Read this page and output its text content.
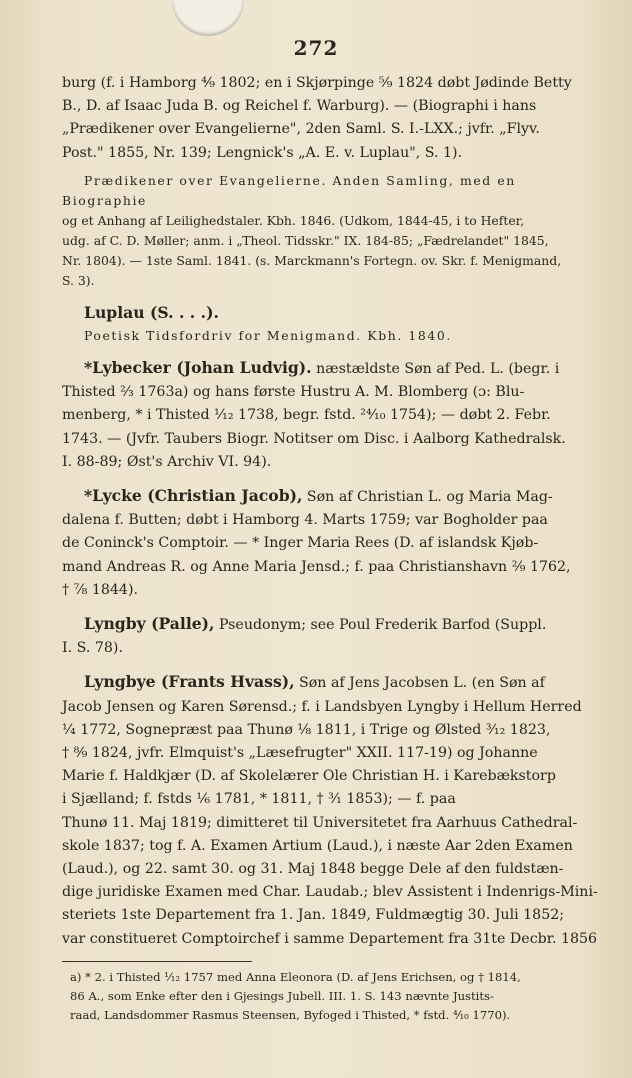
272

burg (f. i Hamborg ⁴⁄₉ 1802; en i Skjørpinge ⁵⁄₉ 1824 døbt Jødinde Betty
B., D. af Isaac Juda B. og Reichel f. Warburg). — (Biographi i hans
„Prædikener over Evangelierne", 2den Saml. S. I.-LXX.; jvfr. „Flyv.
Post." 1855, Nr. 139; Lengnick's „A. E. v. Luplau", S. 1).

Prædikener over Evangelierne. Anden Samling, med en Biographie
og et Anhang af Leilighedstaler. Kbh. 1846. (Udkom, 1844-45, i to Hefter,
udg. af C. D. Møller; anm. i „Theol. Tidsskr." IX. 184-85; „Fædrelandet" 1845,
Nr. 1804). — 1ste Saml. 1841. (s. Marckmann's Fortegn. ov. Skr. f. Menigmand,
S. 3).

Luplau (S. . . .).

Poetisk Tidsfordriv for Menigmand. Kbh. 1840.

*Lybecker (Johan Ludvig). næstældste Søn af Ped. L. (begr. i
Thisted ²⁄₃ 1763a) og hans første Hustru A. M. Blomberg (ɔ: Blu-
menberg, * i Thisted ¹⁄₁₂ 1738, begr. fstd. ²⁴⁄₁₀ 1754); — døbt 2. Febr.
1743. — (Jvfr. Taubers Biogr. Notitser om Disc. i Aalborg Kathedralsk.
I. 88-89; Øst's Archiv VI. 94).

*Lycke (Christian Jacob), Søn af Christian L. og Maria Mag-
dalena f. Butten; døbt i Hamborg 4. Marts 1759; var Bogholder paa
de Coninck's Comptoir. — * Inger Maria Rees (D. af islandsk Kjøb-
mand Andreas R. og Anne Maria Jensd.; f. paa Christianshavn ²⁄₉ 1762,
† ⁷⁄₈ 1844).

Lyngby (Palle), Pseudonym; see Poul Frederik Barfod (Suppl.
I. S. 78).

Lyngbye (Frants Hvass), Søn af Jens Jacobsen L. (en Søn af
Jacob Jensen og Karen Sørensd.; f. i Landsbyen Lyngby i Hellum Herred
¹⁄₄ 1772, Sognepræst paa Thunø ¹⁄₈ 1811, i Trige og Ølsted ³⁄₁₂ 1823,
† ⁸⁄₉ 1824, jvfr. Elmquist's „Læsefrugter" XXII. 117-19) og Johanne
Marie f. Haldkjær (D. af Skolelærer Ole Christian H. i Karebækstorp
i Sjælland; f. fstds ¹⁄₆ 1781, * 1811, † ³⁄₁ 1853); — f. paa
Thunø 11. Maj 1819; dimitteret til Universitetet fra Aarhuus Cathedral-
skole 1837; tog f. A. Examen Artium (Laud.), i næste Aar 2den Examen
(Laud.), og 22. samt 30. og 31. Maj 1848 begge Dele af den fuldstæn-
dige juridiske Examen med Char. Laudab.; blev Assistent i Indenrigs-Mini-
steriets 1ste Departement fra 1. Jan. 1849, Fuldmægtig 30. Juli 1852;
var constitueret Comptoirchef i samme Departement fra 31te Decbr. 1856

a) * 2. i Thisted ¹⁄₁₂ 1757 med Anna Eleonora (D. af Jens Erichsen, og † 1814,
86 A., som Enke efter den i Gjesings Jubell. III. 1. S. 143 nævnte Justits-
raad, Landsdommer Rasmus Steensen, Byfoged i Thisted, * fstd. ⁴⁄₁₀ 1770).
